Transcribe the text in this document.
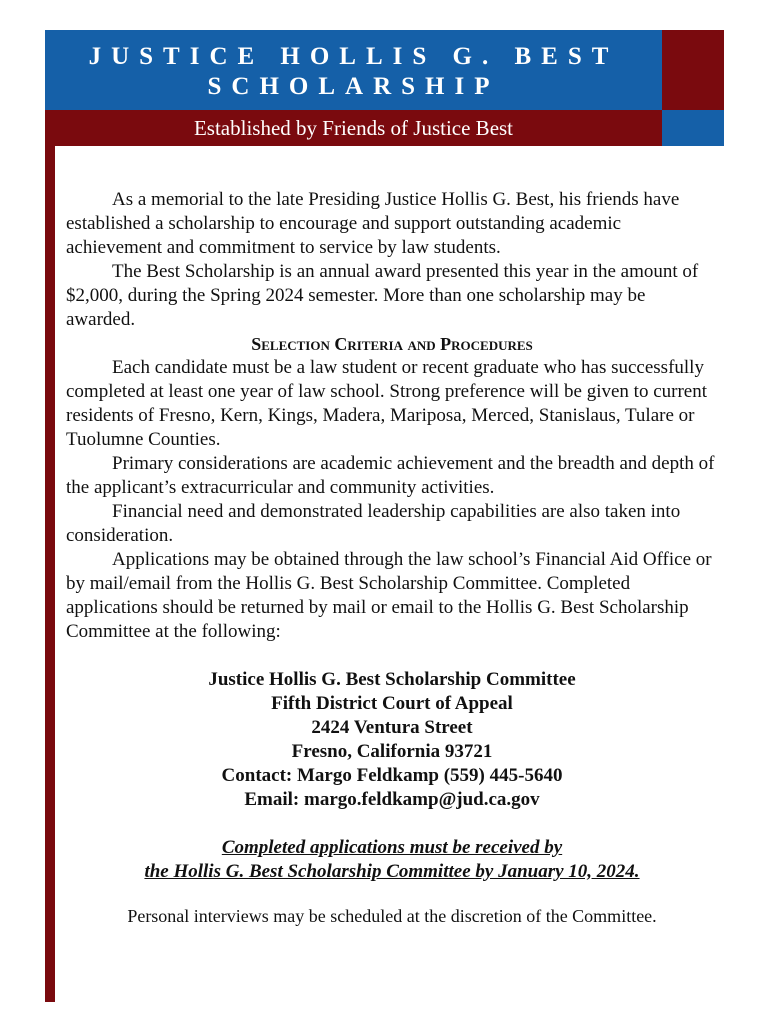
JUSTICE HOLLIS G. BEST
SCHOLARSHIP
Established by Friends of Justice Best

As a memorial to the late Presiding Justice Hollis G. Best, his friends have established a scholarship to encourage and support outstanding academic achievement and commitment to service by law students.

The Best Scholarship is an annual award presented this year in the amount of $2,000, during the Spring 2024 semester. More than one scholarship may be awarded.

Selection Criteria and Procedures

Each candidate must be a law student or recent graduate who has successfully completed at least one year of law school. Strong preference will be given to current residents of Fresno, Kern, Kings, Madera, Mariposa, Merced, Stanislaus, Tulare or Tuolumne Counties.

Primary considerations are academic achievement and the breadth and depth of the applicant’s extracurricular and community activities.

Financial need and demonstrated leadership capabilities are also taken into consideration.

Applications may be obtained through the law school’s Financial Aid Office or by mail/email from the Hollis G. Best Scholarship Committee. Completed applications should be returned by mail or email to the Hollis G. Best Scholarship Committee at the following:

Justice Hollis G. Best Scholarship Committee
Fifth District Court of Appeal
2424 Ventura Street
Fresno, California 93721
Contact: Margo Feldkamp (559) 445-5640
Email: margo.feldkamp@jud.ca.gov
Completed applications must be received by
the Hollis G. Best Scholarship Committee by January 10, 2024.
Personal interviews may be scheduled at the discretion of the Committee.
